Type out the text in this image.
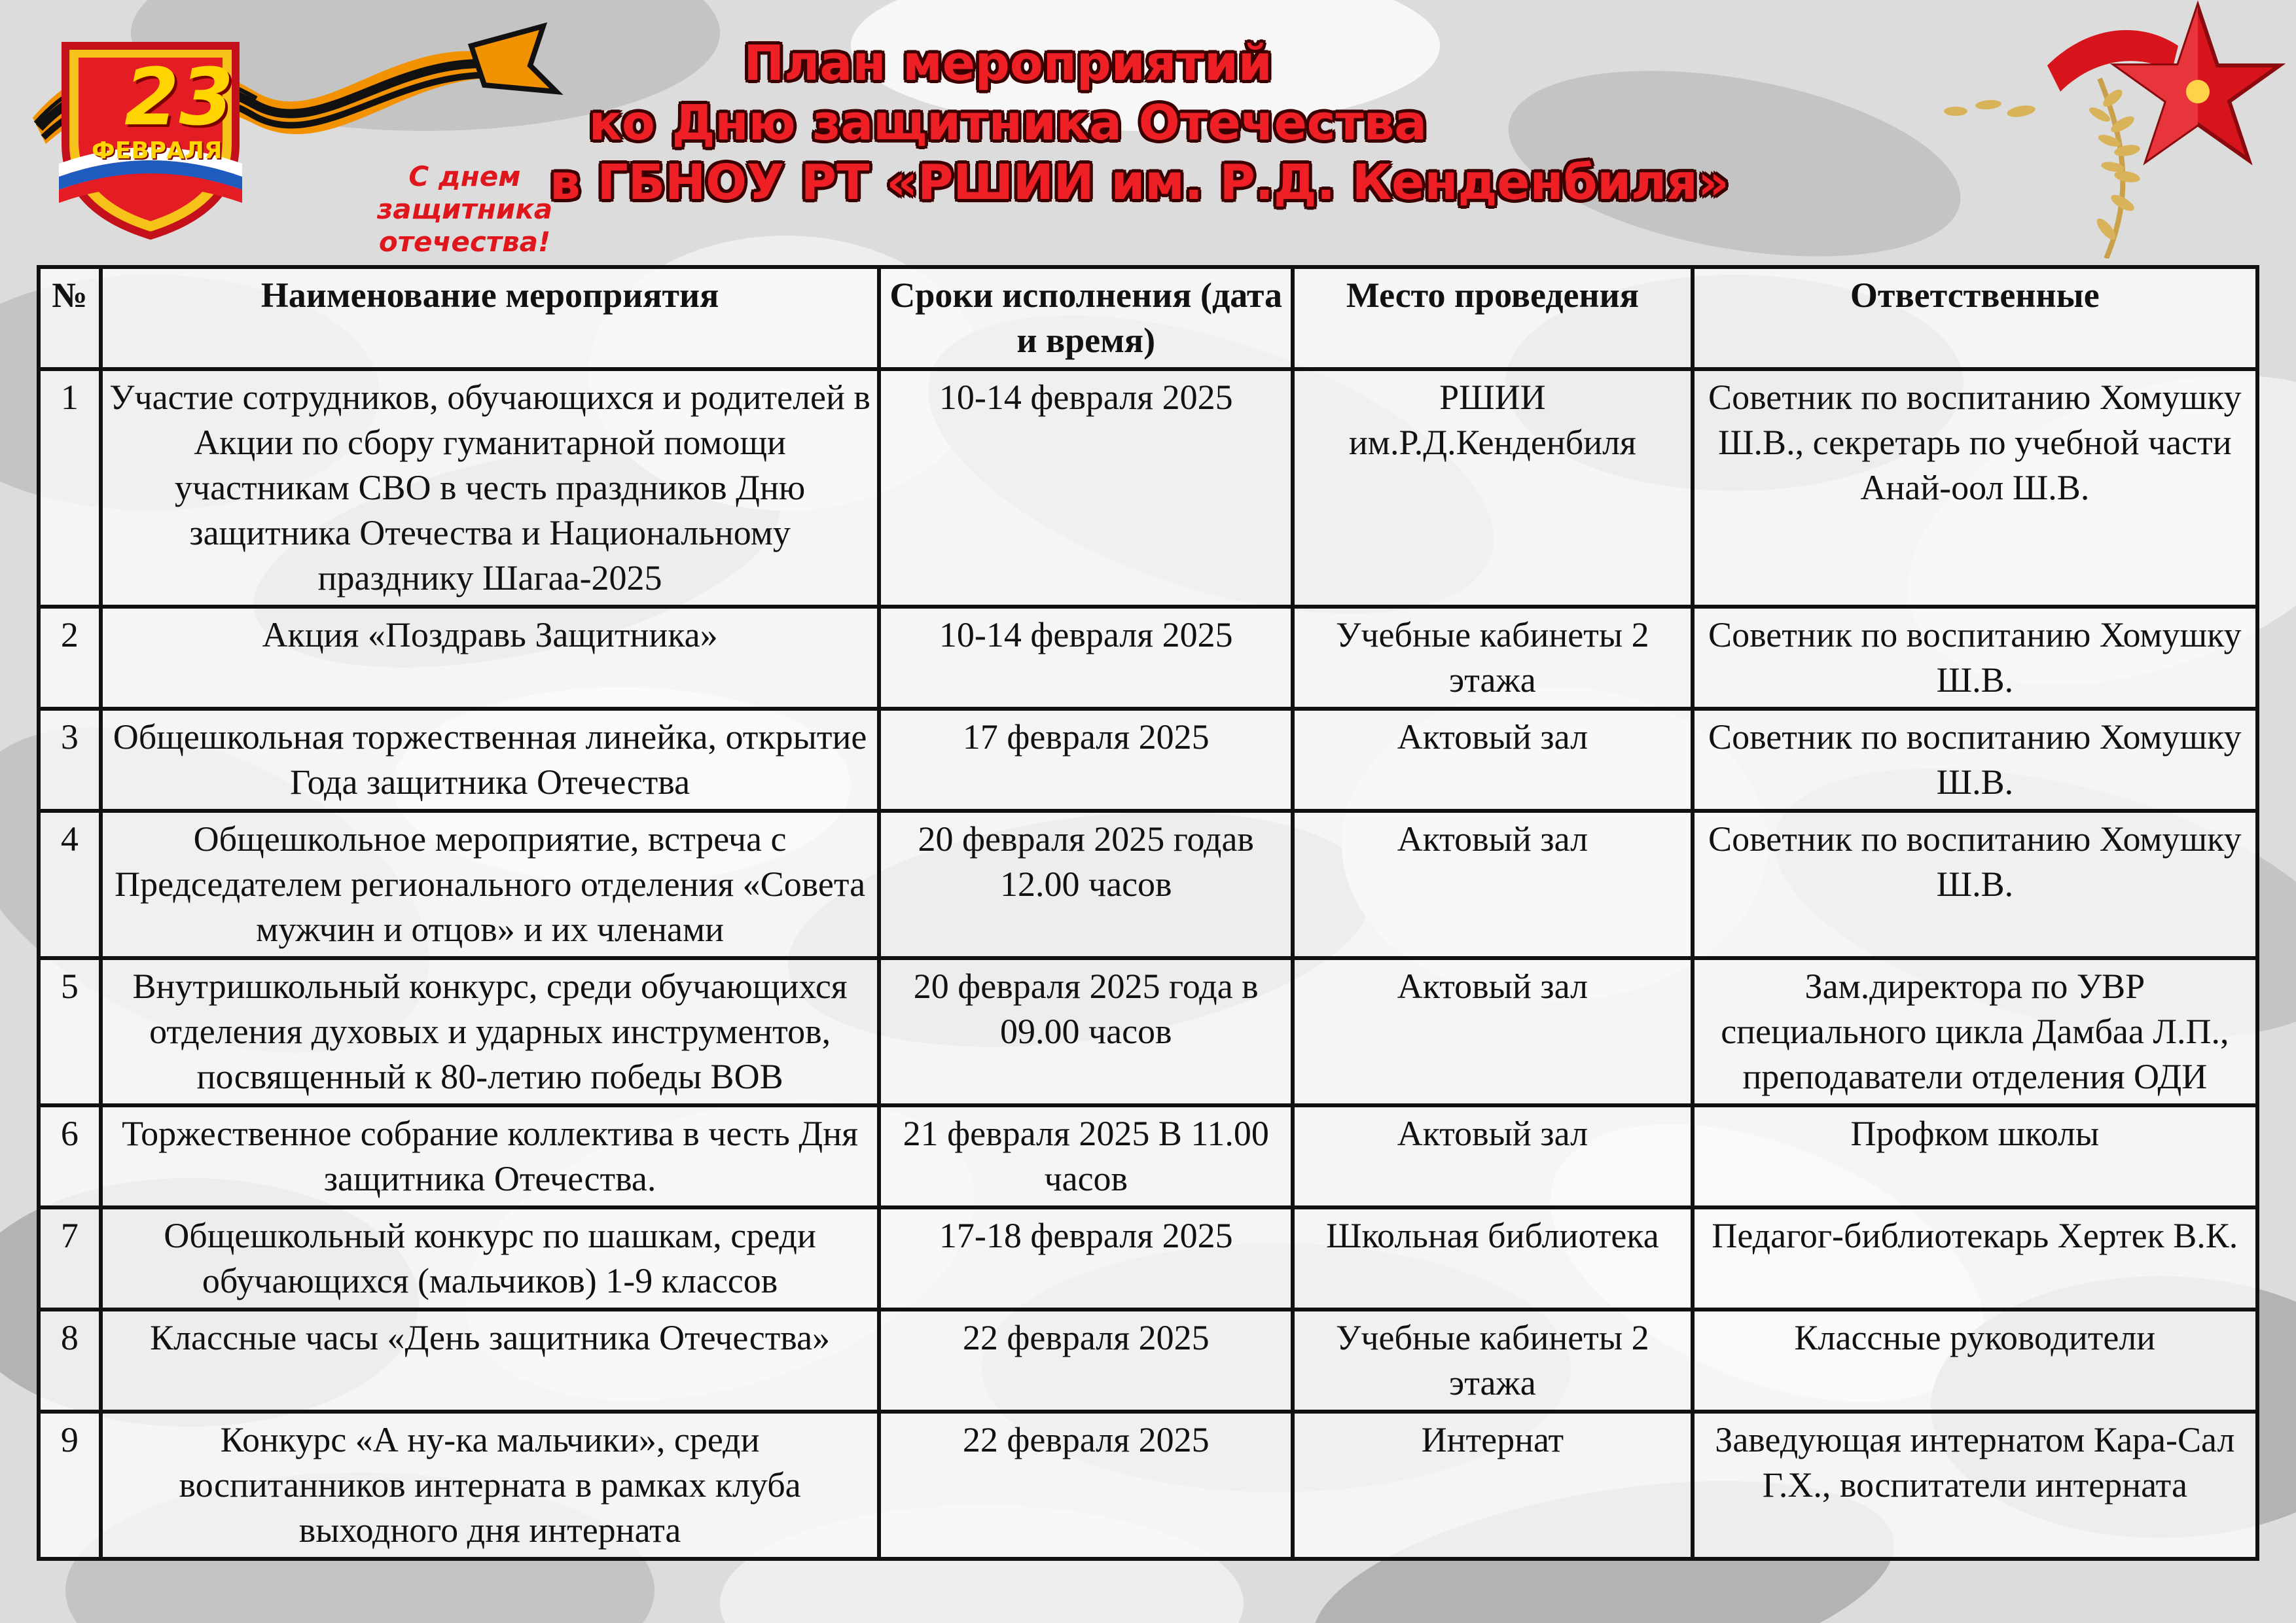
23
ФЕВРАЛЯ
С днем
защитника
отечества!
План мероприятий
ко Дню защитника Отечества
в ГБНОУ РТ «РШИИ им. Р.Д. Кенденбиля»
№	Наименование мероприятия	Сроки исполнения (дата и время)	Место проведения	Ответственные
1	Участие сотрудников, обучающихся и родителей в Акции по сбору гуманитарной помощи участникам СВО в честь праздников Дню защитника Отечества и Национальному празднику Шагаа-2025	10-14 февраля 2025	РШИИ им.Р.Д.Кенденбиля	Советник по воспитанию Хомушку Ш.В., секретарь по учебной части Анай-оол Ш.В.
2	Акция «Поздравь Защитника»	10-14 февраля 2025	Учебные кабинеты 2 этажа	Советник по воспитанию Хомушку Ш.В.
3	Общешкольная торжественная линейка, открытие Года защитника Отечества	17 февраля 2025	Актовый зал	Советник по воспитанию Хомушку Ш.В.
4	Общешкольное мероприятие, встреча с Председателем регионального отделения «Совета мужчин и отцов» и их членами	20 февраля 2025 годав 12.00 часов	Актовый зал	Советник по воспитанию Хомушку Ш.В.
5	Внутришкольный конкурс, среди обучающихся отделения духовых и ударных инструментов, посвященный к 80-летию победы ВОВ	20 февраля 2025 года в 09.00 часов	Актовый зал	Зам.директора по УВР специального цикла Дамбаа Л.П., преподаватели отделения ОДИ
6	Торжественное собрание коллектива в честь Дня защитника Отечества.	21 февраля 2025 В 11.00 часов	Актовый зал	Профком школы
7	Общешкольный конкурс по шашкам, среди обучающихся (мальчиков) 1-9 классов	17-18 февраля 2025	Школьная библиотека	Педагог-библиотекарь Хертек В.К.
8	Классные часы «День защитника Отечества»	22 февраля 2025	Учебные кабинеты 2 этажа	Классные руководители
9	Конкурс «А ну-ка мальчики», среди воспитанников интерната в рамках клуба выходного дня интерната	22 февраля 2025	Интернат	Заведующая интернатом Кара-Сал Г.Х., воспитатели интерната
